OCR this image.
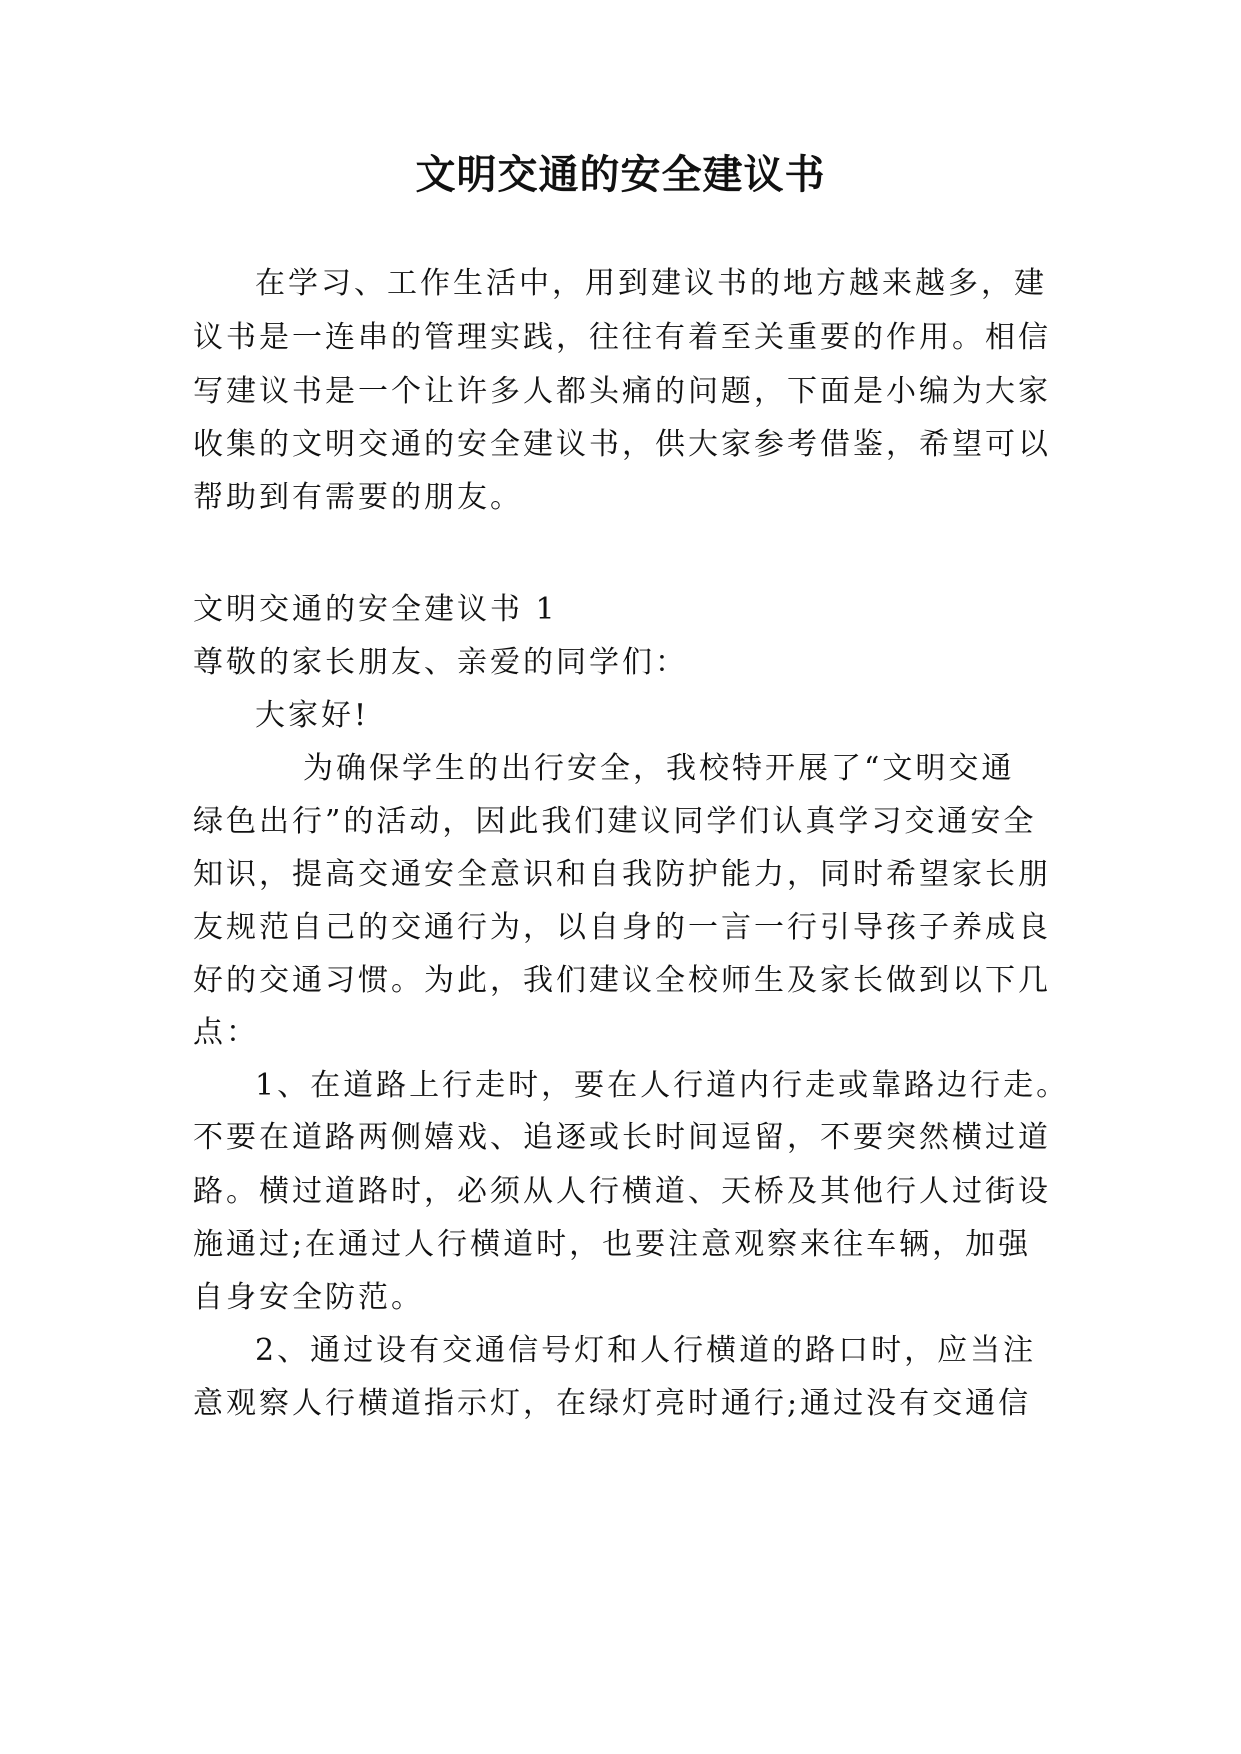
文明交通的安全建议书
在学习、工作生活中，用到建议书的地方越来越多，建
议书是一连串的管理实践，往往有着至关重要的作用。相信
写建议书是一个让许多人都头痛的问题，下面是小编为大家
收集的文明交通的安全建议书，供大家参考借鉴，希望可以
帮助到有需要的朋友。
文明交通的安全建议书 1
尊敬的家长朋友、亲爱的同学们：
大家好!
为确保学生的出行安全，我校特开展了“文明交通
绿色出行”的活动，因此我们建议同学们认真学习交通安全
知识，提高交通安全意识和自我防护能力，同时希望家长朋
友规范自己的交通行为，以自身的一言一行引导孩子养成良
好的交通习惯。为此，我们建议全校师生及家长做到以下几
点：
1、在道路上行走时，要在人行道内行走或靠路边行走。
不要在道路两侧嬉戏、追逐或长时间逗留，不要突然横过道
路。横过道路时，必须从人行横道、天桥及其他行人过街设
施通过;在通过人行横道时，也要注意观察来往车辆，加强
自身安全防范。
2、通过设有交通信号灯和人行横道的路口时，应当注
意观察人行横道指示灯，在绿灯亮时通行;通过没有交通信
